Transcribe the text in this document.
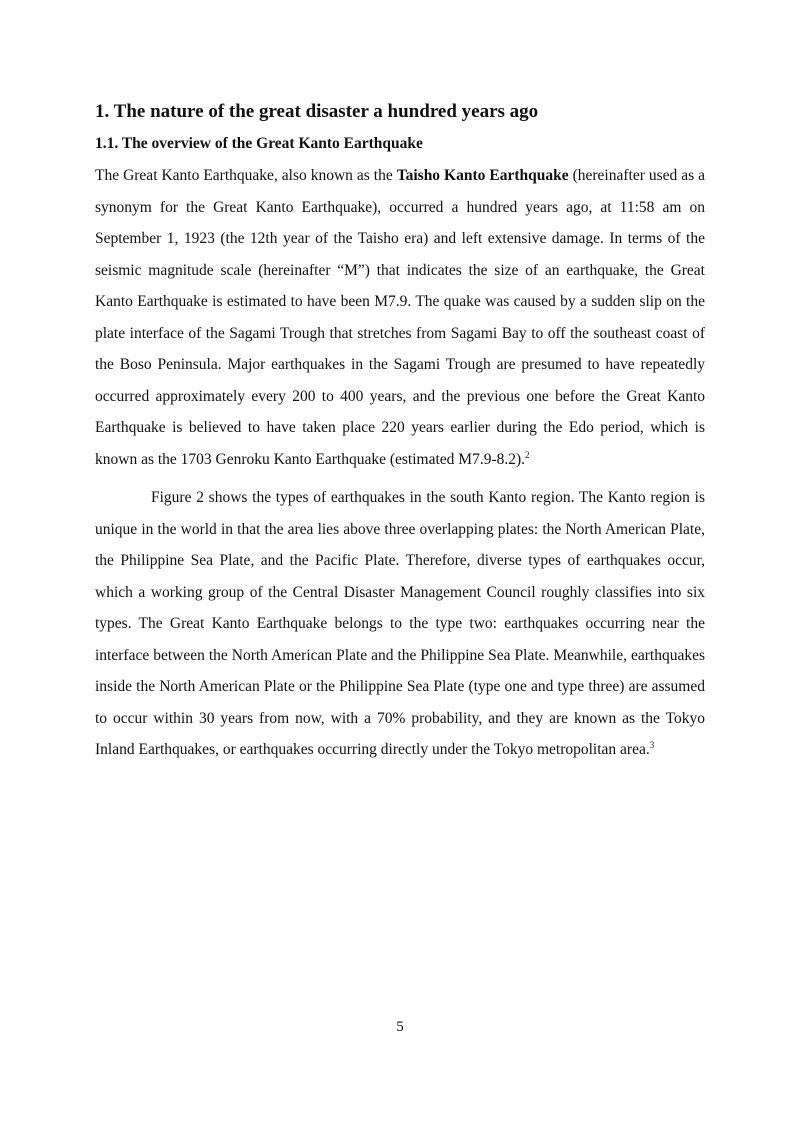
1. The nature of the great disaster a hundred years ago
1.1. The overview of the Great Kanto Earthquake

The Great Kanto Earthquake, also known as the Taisho Kanto Earthquake (hereinafter used as a synonym for the Great Kanto Earthquake), occurred a hundred years ago, at 11:58 am on September 1, 1923 (the 12th year of the Taisho era) and left extensive damage. In terms of the seismic magnitude scale (hereinafter “M”) that indicates the size of an earthquake, the Great Kanto Earthquake is estimated to have been M7.9. The quake was caused by a sudden slip on the plate interface of the Sagami Trough that stretches from Sagami Bay to off the southeast coast of the Boso Peninsula. Major earthquakes in the Sagami Trough are presumed to have repeatedly occurred approximately every 200 to 400 years, and the previous one before the Great Kanto Earthquake is believed to have taken place 220 years earlier during the Edo period, which is known as the 1703 Genroku Kanto Earthquake (estimated M7.9-8.2).$^2$

Figure 2 shows the types of earthquakes in the south Kanto region. The Kanto region is unique in the world in that the area lies above three overlapping plates: the North American Plate, the Philippine Sea Plate, and the Pacific Plate. Therefore, diverse types of earthquakes occur, which a working group of the Central Disaster Management Council roughly classifies into six types. The Great Kanto Earthquake belongs to the type two: earthquakes occurring near the interface between the North American Plate and the Philippine Sea Plate. Meanwhile, earthquakes inside the North American Plate or the Philippine Sea Plate (type one and type three) are assumed to occur within 30 years from now, with a 70% probability, and they are known as the Tokyo Inland Earthquakes, or earthquakes occurring directly under the Tokyo metropolitan area.$^3$

5
